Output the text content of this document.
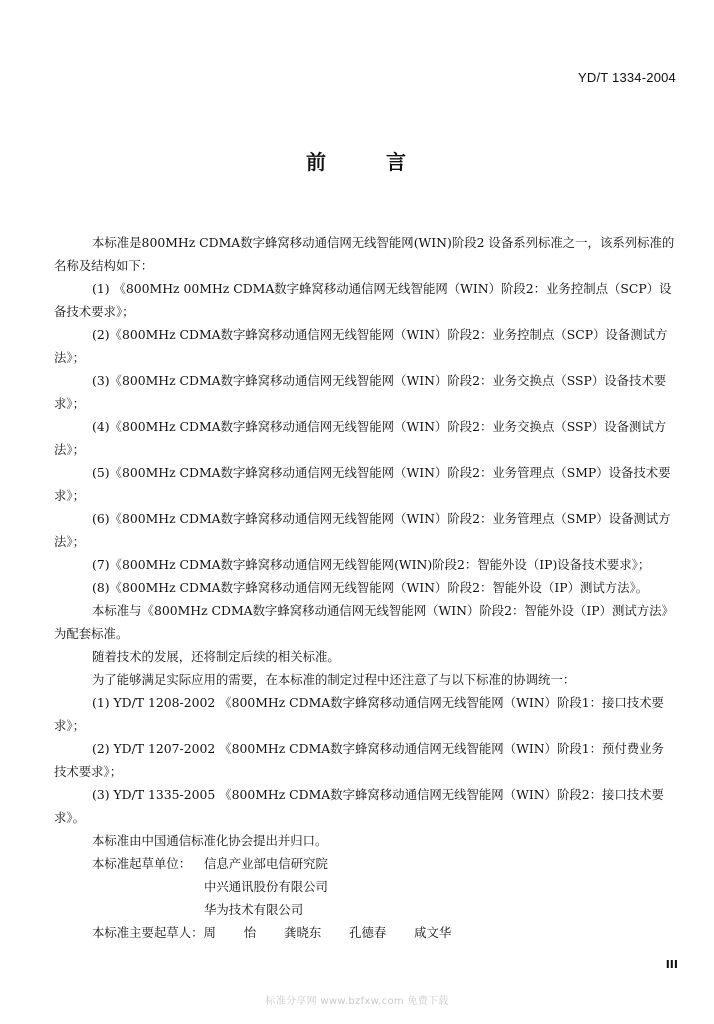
YD/T 1334-2004
前	言

本标准是800MHz CDMA数字蜂窝移动通信网无线智能网(WIN)阶段2 设备系列标准之一，该系列标准的名称及结构如下：

(1) 《800MHz 00MHz CDMA数字蜂窝移动通信网无线智能网（WIN）阶段2：业务控制点（SCP）设备技术要求》；

(2)《800MHz CDMA数字蜂窝移动通信网无线智能网（WIN）阶段2：业务控制点（SCP）设备测试方法》；

(3)《800MHz CDMA数字蜂窝移动通信网无线智能网（WIN）阶段2：业务交换点（SSP）设备技术要求》；

(4)《800MHz CDMA数字蜂窝移动通信网无线智能网（WIN）阶段2：业务交换点（SSP）设备测试方法》；

(5)《800MHz CDMA数字蜂窝移动通信网无线智能网（WIN）阶段2：业务管理点（SMP）设备技术要求》；

(6)《800MHz CDMA数字蜂窝移动通信网无线智能网（WIN）阶段2：业务管理点（SMP）设备测试方法》；

(7)《800MHz CDMA数字蜂窝移动通信网无线智能网(WIN)阶段2：智能外设（IP)设备技术要求》；

(8)《800MHz CDMA数字蜂窝移动通信网无线智能网（WIN）阶段2：智能外设（IP）测试方法》。

本标准与《800MHz CDMA数字蜂窝移动通信网无线智能网（WIN）阶段2：智能外设（IP）测试方法》为配套标准。

随着技术的发展，还将制定后续的相关标准。

为了能够满足实际应用的需要，在本标准的制定过程中还注意了与以下标准的协调统一：

(1) YD/T 1208-2002 《800MHz CDMA数字蜂窝移动通信网无线智能网（WIN）阶段1：接口技术要求》；

(2) YD/T 1207-2002 《800MHz CDMA数字蜂窝移动通信网无线智能网（WIN）阶段1：预付费业务技术要求》；

(3) YD/T 1335-2005 《800MHz CDMA数字蜂窝移动通信网无线智能网（WIN）阶段2：接口技术要求》。

本标准由中国通信标准化协会提出并归口。

本标准起草单位：	信息产业部电信研究院
中兴通讯股份有限公司
华为技术有限公司

本标准主要起草人：周  怡  龚晓东  孔德春  咸文华

III
标准分享网 www.bzfxw.com 免费下载
